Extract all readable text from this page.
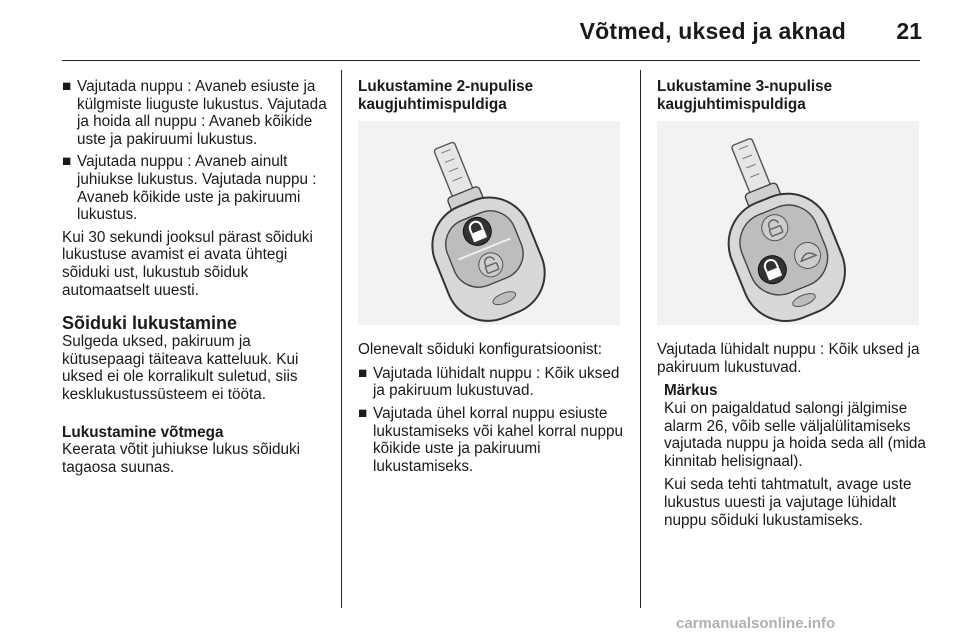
Võtmed, uksed ja aknad 21
■ Vajutada nuppu : Avaneb esiuste ja külgmiste liuguste lukustus. Vajutada ja hoida all nuppu : Avaneb kõikide uste ja pakiruumi lukustus.
■ Vajutada nuppu : Avaneb ainult juhiukse lukustus. Vajutada nuppu : Avaneb kõikide uste ja pakiruumi lukustus.

Kui 30 sekundi jooksul pärast sõiduki lukustuse avamist ei avata ühtegi sõiduki ust, lukustub sõiduk automaatselt uuesti.

Sõiduki lukustamine

Sulgeda uksed, pakiruum ja kütusepaagi täiteava katteluuk. Kui uksed ei ole korralikult suletud, siis kesklukustussüsteem ei tööta.

Lukustamine võtmega

Keerata võtit juhiukse lukus sõiduki tagaosa suunas.

Lukustamine 2-nupulise kaugjuhtimispuldiga

Olenevalt sõiduki konfiguratsioonist:

■ Vajutada lühidalt nuppu : Kõik uksed ja pakiruum lukustuvad.
■ Vajutada ühel korral nuppu esiuste lukustamiseks või kahel korral nuppu kõikide uste ja pakiruumi lukustamiseks.

Lukustamine 3-nupulise kaugjuhtimispuldiga

Vajutada lühidalt nuppu : Kõik uksed ja pakiruum lukustuvad.

Märkus

Kui on paigaldatud salongi jälgimise alarm 26, võib selle väljalülitamiseks vajutada nuppu ja hoida seda all (mida kinnitab helisignaal).

Kui seda tehti tahtmatult, avage uste lukustus uuesti ja vajutage lühidalt nuppu sõiduki lukustamiseks.

carmanualsonline.info
